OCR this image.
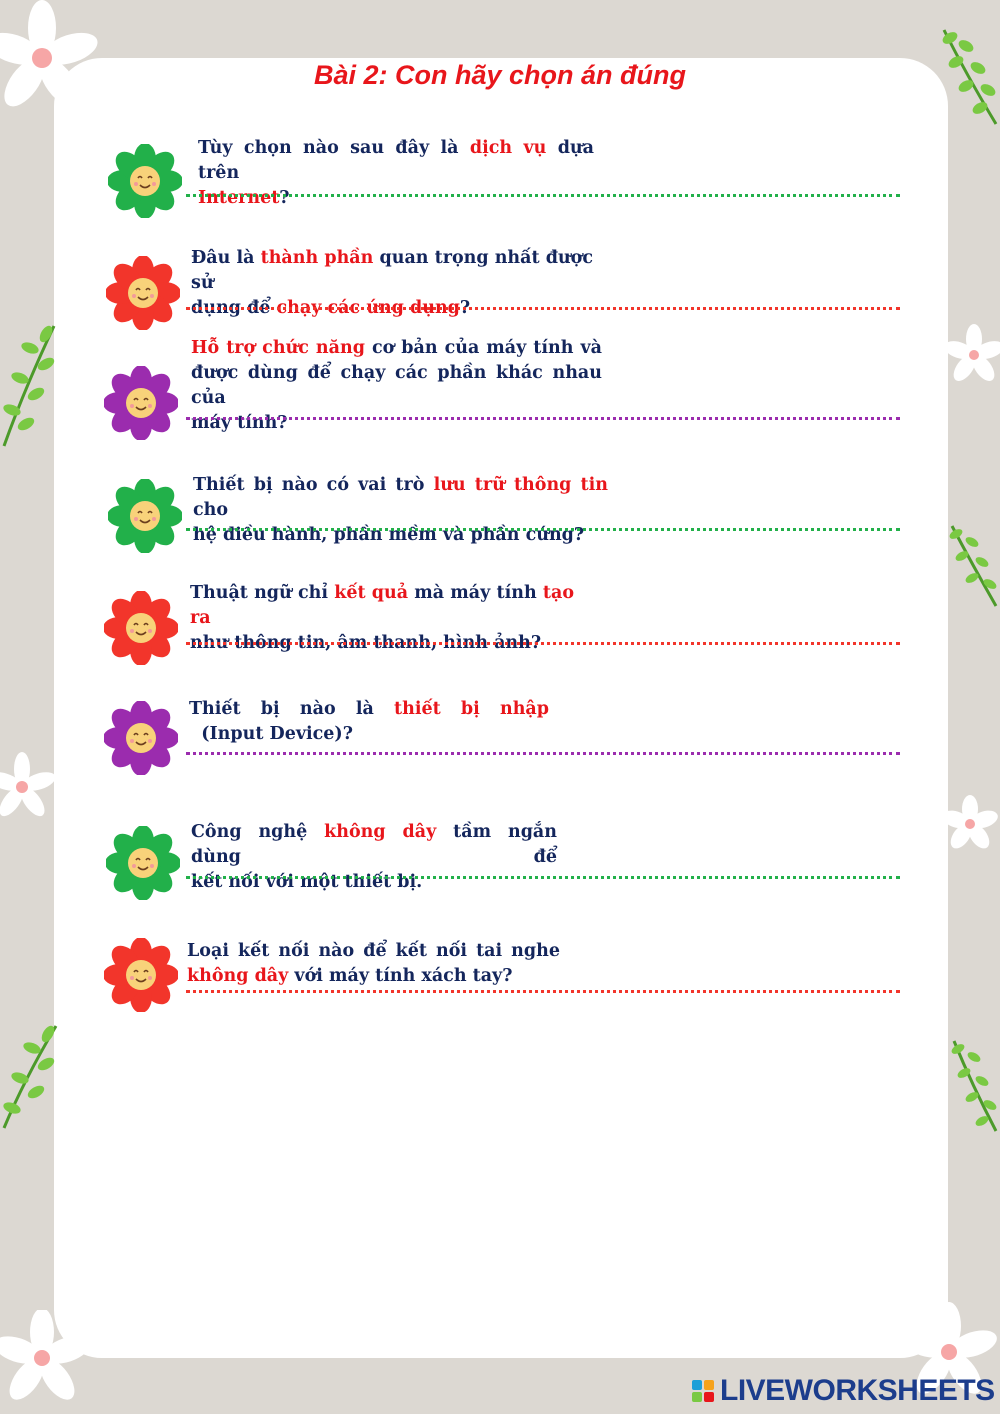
Bài 2: Con hãy chọn án đúng
Tùy chọn nào sau đây là dịch vụ dựa trên
Internet?
Đâu là thành phần quan trọng nhất được sử
dụng để chạy các ứng dụng?
Hỗ trợ chức năng cơ bản của máy tính và
được dùng để chạy các phần khác nhau của
máy tính?
Thiết bị nào có vai trò lưu trữ thông tin cho
hệ điều hành, phần mềm và phần cứng?
Thuật ngữ chỉ kết quả mà máy tính tạo ra
như thông tin, âm thanh, hình ảnh?
Thiết bị nào là thiết bị nhập
(Input Device)?
Công nghệ không dây tầm ngắn dùng để
kết nối với một thiết bị.
Loại kết nối nào để kết nối tai nghe
không dây với máy tính xách tay?
LIVEWORKSHEETS
